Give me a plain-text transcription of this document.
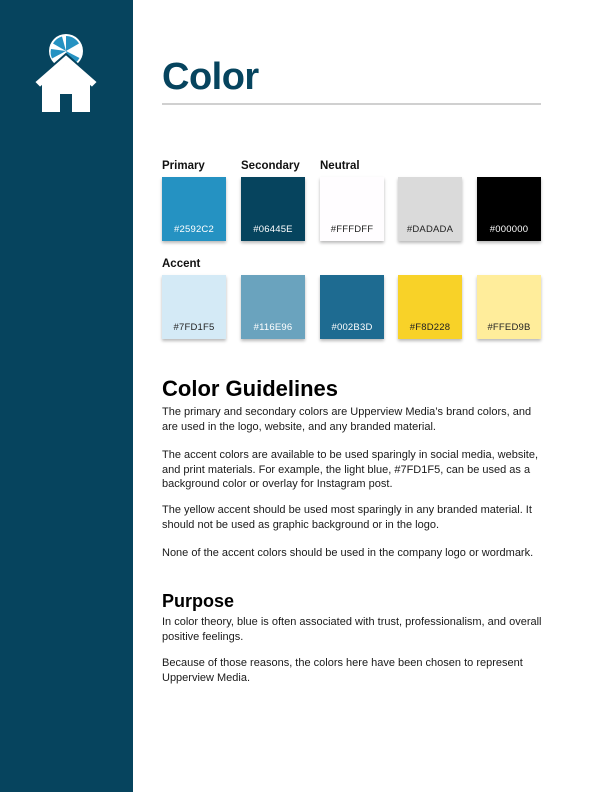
Color
Primary	Secondary Neutral
Accent
#2592C2	#06445E	#FFFDFF	#DADADA	#000000
#7FD1F5	#116E96	#002B3D	#F8D228	#FFED9B
Color Guidelines

The primary and secondary colors are Upperview Media’s brand colors, and are used in the logo, website, and any branded material.

The accent colors are available to be used sparingly in social media, website, and print materials. For example, the light blue, #7FD1F5, can be used as a background color or overlay for Instagram post.

The yellow accent should be used most sparingly in any branded material. It should not be used as graphic background or in the logo.

None of the accent colors should be used in the company logo or wordmark.

Purpose

In color theory, blue is often associated with trust, professionalism, and overall positive feelings.

Because of those reasons, the colors here have been chosen to represent Upperview Media.
